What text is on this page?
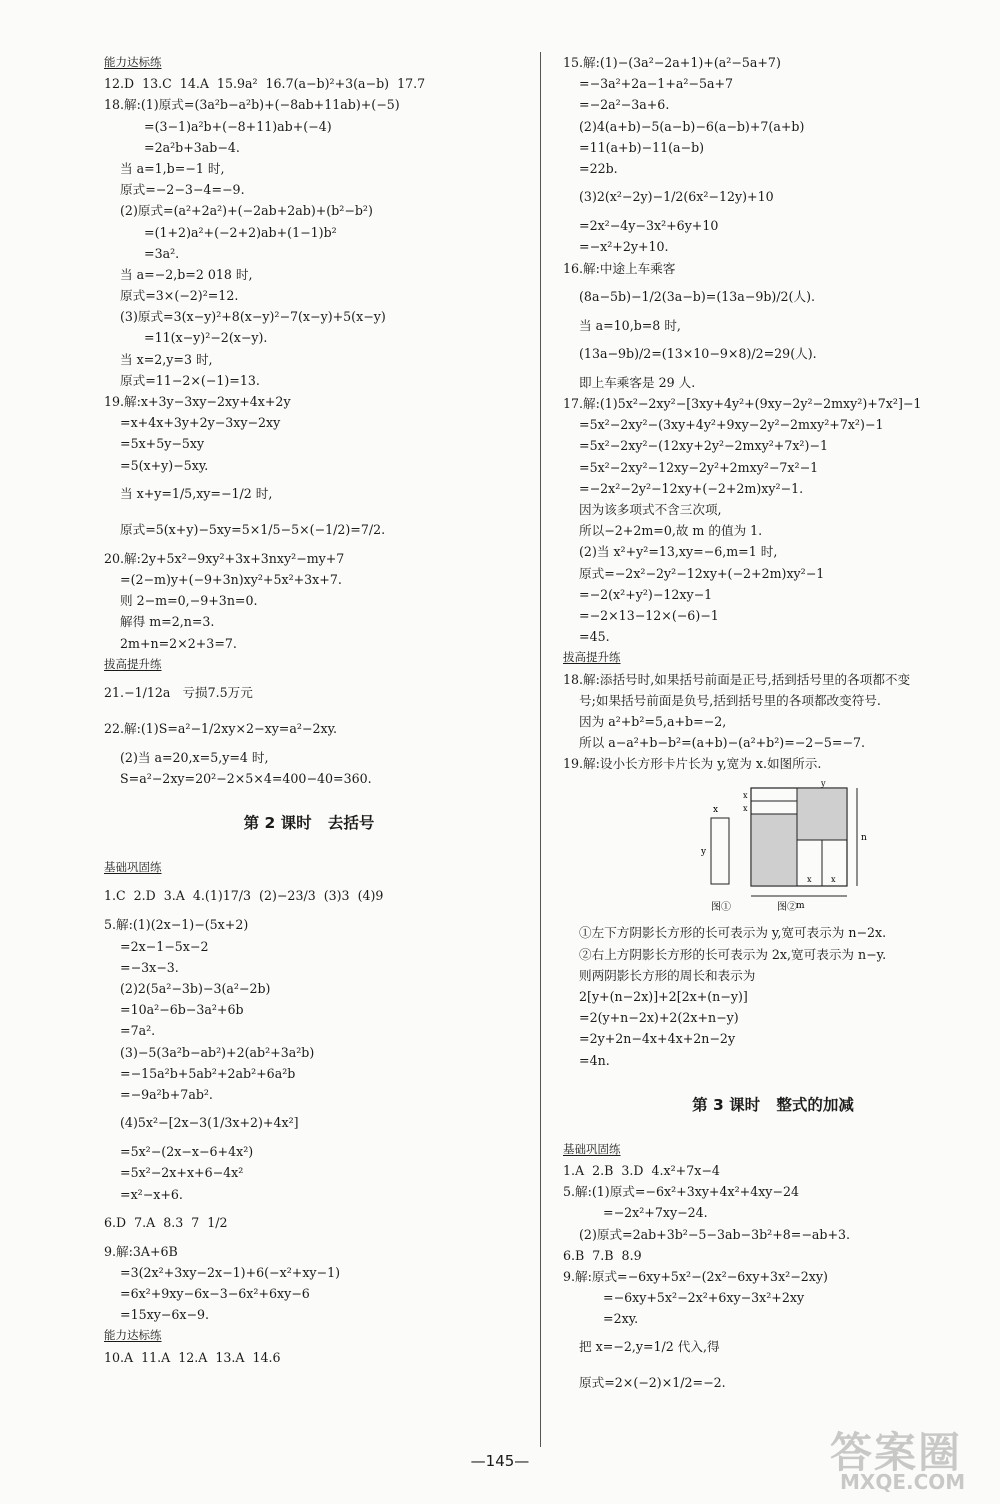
能力达标练
12.D  13.C  14.A  15.9a²  16.7(a−b)²+3(a−b)  17.7
18.解:(1)原式=(3a²b−a²b)+(−8ab+11ab)+(−5)
=(3−1)a²b+(−8+11)ab+(−4)
=2a²b+3ab−4.
当 a=1,b=−1 时,
原式=−2−3−4=−9.
(2)原式=(a²+2a²)+(−2ab+2ab)+(b²−b²)
=(1+2)a²+(−2+2)ab+(1−1)b²
=3a².
当 a=−2,b=2 018 时,
原式=3×(−2)²=12.
(3)原式=3(x−y)²+8(x−y)²−7(x−y)+5(x−y)
=11(x−y)²−2(x−y).
当 x=2,y=3 时,
原式=11−2×(−1)=13.
19.解:x+3y−3xy−2xy+4x+2y
=x+4x+3y+2y−3xy−2xy
=5x+5y−5xy
=5(x+y)−5xy.
当 x+y=1/5,xy=−1/2 时,
原式=5(x+y)−5xy=5×1/5−5×(−1/2)=7/2.
20.解:2y+5x²−9xy²+3x+3nxy²−my+7
=(2−m)y+(−9+3n)xy²+5x²+3x+7.
则 2−m=0,−9+3n=0.
解得 m=2,n=3.
2m+n=2×2+3=7.
拔高提升练
21.−1/12a   亏损7.5万元
22.解:(1)S=a²−1/2xy×2−xy=a²−2xy.
(2)当 a=20,x=5,y=4 时,
S=a²−2xy=20²−2×5×4=400−40=360.
第 2 课时   去括号
基础巩固练
1.C  2.D  3.A  4.(1)17/3  (2)−23/3  (3)3  (4)9
5.解:(1)(2x−1)−(5x+2)
=2x−1−5x−2
=−3x−3.
(2)2(5a²−3b)−3(a²−2b)
=10a²−6b−3a²+6b
=7a².
(3)−5(3a²b−ab²)+2(ab²+3a²b)
=−15a²b+5ab²+2ab²+6a²b
=−9a²b+7ab².
(4)5x²−[2x−3(1/3x+2)+4x²]
=5x²−(2x−x−6+4x²)
=5x²−2x+x+6−4x²
=x²−x+6.
6.D  7.A  8.3  7  1/2
9.解:3A+6B
=3(2x²+3xy−2x−1)+6(−x²+xy−1)
=6x²+9xy−6x−3−6x²+6xy−6
=15xy−6x−9.
能力达标练
10.A  11.A  12.A  13.A  14.6
15.解:(1)−(3a²−2a+1)+(a²−5a+7)
=−3a²+2a−1+a²−5a+7
=−2a²−3a+6.
(2)4(a+b)−5(a−b)−6(a−b)+7(a+b)
=11(a+b)−11(a−b)
=22b.
(3)2(x²−2y)−1/2(6x²−12y)+10
=2x²−4y−3x²+6y+10
=−x²+2y+10.
16.解:中途上车乘客
(8a−5b)−1/2(3a−b)=(13a−9b)/2(人).
当 a=10,b=8 时,
(13a−9b)/2=(13×10−9×8)/2=29(人).
即上车乘客是 29 人.
17.解:(1)5x²−2xy²−[3xy+4y²+(9xy−2y²−2mxy²)+7x²]−1
=5x²−2xy²−(3xy+4y²+9xy−2y²−2mxy²+7x²)−1
=5x²−2xy²−(12xy+2y²−2mxy²+7x²)−1
=5x²−2xy²−12xy−2y²+2mxy²−7x²−1
=−2x²−2y²−12xy+(−2+2m)xy²−1.
因为该多项式不含三次项,
所以−2+2m=0,故 m 的值为 1.
(2)当 x²+y²=13,xy=−6,m=1 时,
原式=−2x²−2y²−12xy+(−2+2m)xy²−1
=−2(x²+y²)−12xy−1
=−2×13−12×(−6)−1
=45.
拔高提升练
18.解:添括号时,如果括号前面是正号,括到括号里的各项都不变
号;如果括号前面是负号,括到括号里的各项都改变符号.
因为 a²+b²=5,a+b=−2,
所以 a−a²+b−b²=(a+b)−(a²+b²)=−2−5=−7.
19.解:设小长方形卡片长为 y,宽为 x.如图所示.
x
y
m
n
x
x
x x
y
图①	图②
①左下方阴影长方形的长可表示为 y,宽可表示为 n−2x.
②右上方阴影长方形的长可表示为 2x,宽可表示为 n−y.
则两阴影长方形的周长和表示为
2[y+(n−2x)]+2[2x+(n−y)]
=2(y+n−2x)+2(2x+n−y)
=2y+2n−4x+4x+2n−2y
=4n.
第 3 课时   整式的加减
基础巩固练
1.A  2.B  3.D  4.x²+7x−4
5.解:(1)原式=−6x²+3xy+4x²+4xy−24
=−2x²+7xy−24.
(2)原式=2ab+3b²−5−3ab−3b²+8=−ab+3.
6.B  7.B  8.9
9.解:原式=−6xy+5x²−(2x²−6xy+3x²−2xy)
=−6xy+5x²−2x²+6xy−3x²+2xy
=2xy.
把 x=−2,y=1/2 代入,得
原式=2×(−2)×1/2=−2.
—145—	答案圈
MXQE.COM
